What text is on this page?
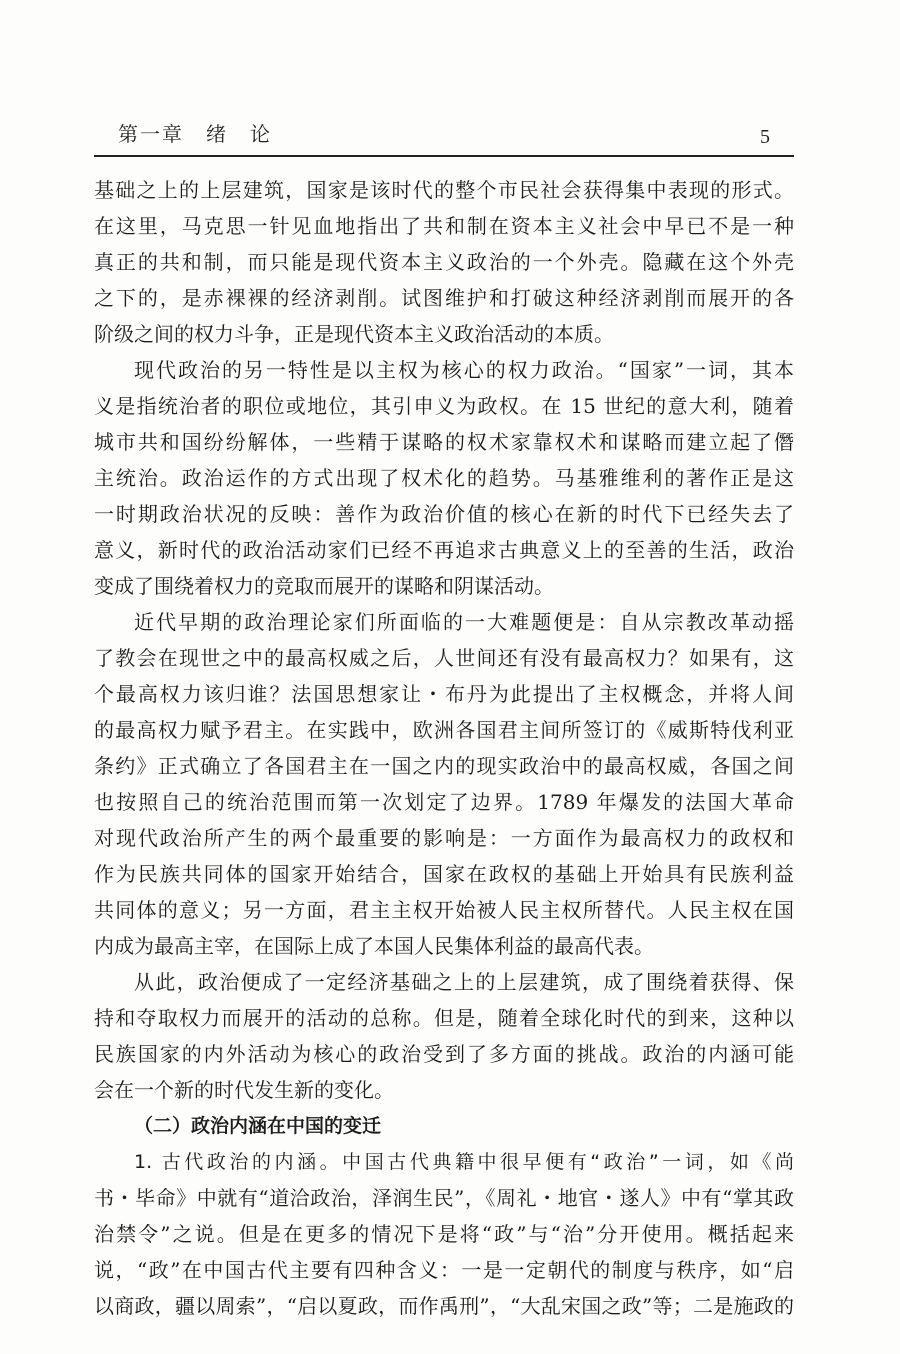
第一章　绪　论	5
基础之上的上层建筑，国家是该时代的整个市民社会获得集中表现的形式。
在这里，马克思一针见血地指出了共和制在资本主义社会中早已不是一种
真正的共和制，而只能是现代资本主义政治的一个外壳。隐藏在这个外壳
之下的，是赤裸裸的经济剥削。试图维护和打破这种经济剥削而展开的各
阶级之间的权力斗争，正是现代资本主义政治活动的本质。
现代政治的另一特性是以主权为核心的权力政治。“国家”一词，其本
义是指统治者的职位或地位，其引申义为政权。在 15 世纪的意大利，随着
城市共和国纷纷解体，一些精于谋略的权术家靠权术和谋略而建立起了僭
主统治。政治运作的方式出现了权术化的趋势。马基雅维利的著作正是这
一时期政治状况的反映：善作为政治价值的核心在新的时代下已经失去了
意义，新时代的政治活动家们已经不再追求古典意义上的至善的生活，政治
变成了围绕着权力的竞取而展开的谋略和阴谋活动。
近代早期的政治理论家们所面临的一大难题便是：自从宗教改革动摇
了教会在现世之中的最高权威之后，人世间还有没有最高权力？如果有，这
个最高权力该归谁？法国思想家让・布丹为此提出了主权概念，并将人间
的最高权力赋予君主。在实践中，欧洲各国君主间所签订的《威斯特伐利亚
条约》正式确立了各国君主在一国之内的现实政治中的最高权威，各国之间
也按照自己的统治范围而第一次划定了边界。1789 年爆发的法国大革命
对现代政治所产生的两个最重要的影响是：一方面作为最高权力的政权和
作为民族共同体的国家开始结合，国家在政权的基础上开始具有民族利益
共同体的意义；另一方面，君主主权开始被人民主权所替代。人民主权在国
内成为最高主宰，在国际上成了本国人民集体利益的最高代表。
从此，政治便成了一定经济基础之上的上层建筑，成了围绕着获得、保
持和夺取权力而展开的活动的总称。但是，随着全球化时代的到来，这种以
民族国家的内外活动为核心的政治受到了多方面的挑战。政治的内涵可能
会在一个新的时代发生新的变化。
（二）政治内涵在中国的变迁
1. 古代政治的内涵。中国古代典籍中很早便有“政治”一词，如《尚
书・毕命》中就有“道洽政治，泽润生民”，《周礼・地官・遂人》中有“掌其政
治禁令”之说。但是在更多的情况下是将“政”与“治”分开使用。概括起来
说，“政”在中国古代主要有四种含义：一是一定朝代的制度与秩序，如“启
以商政，疆以周索”，“启以夏政，而作禹刑”，“大乱宋国之政”等；二是施政的
